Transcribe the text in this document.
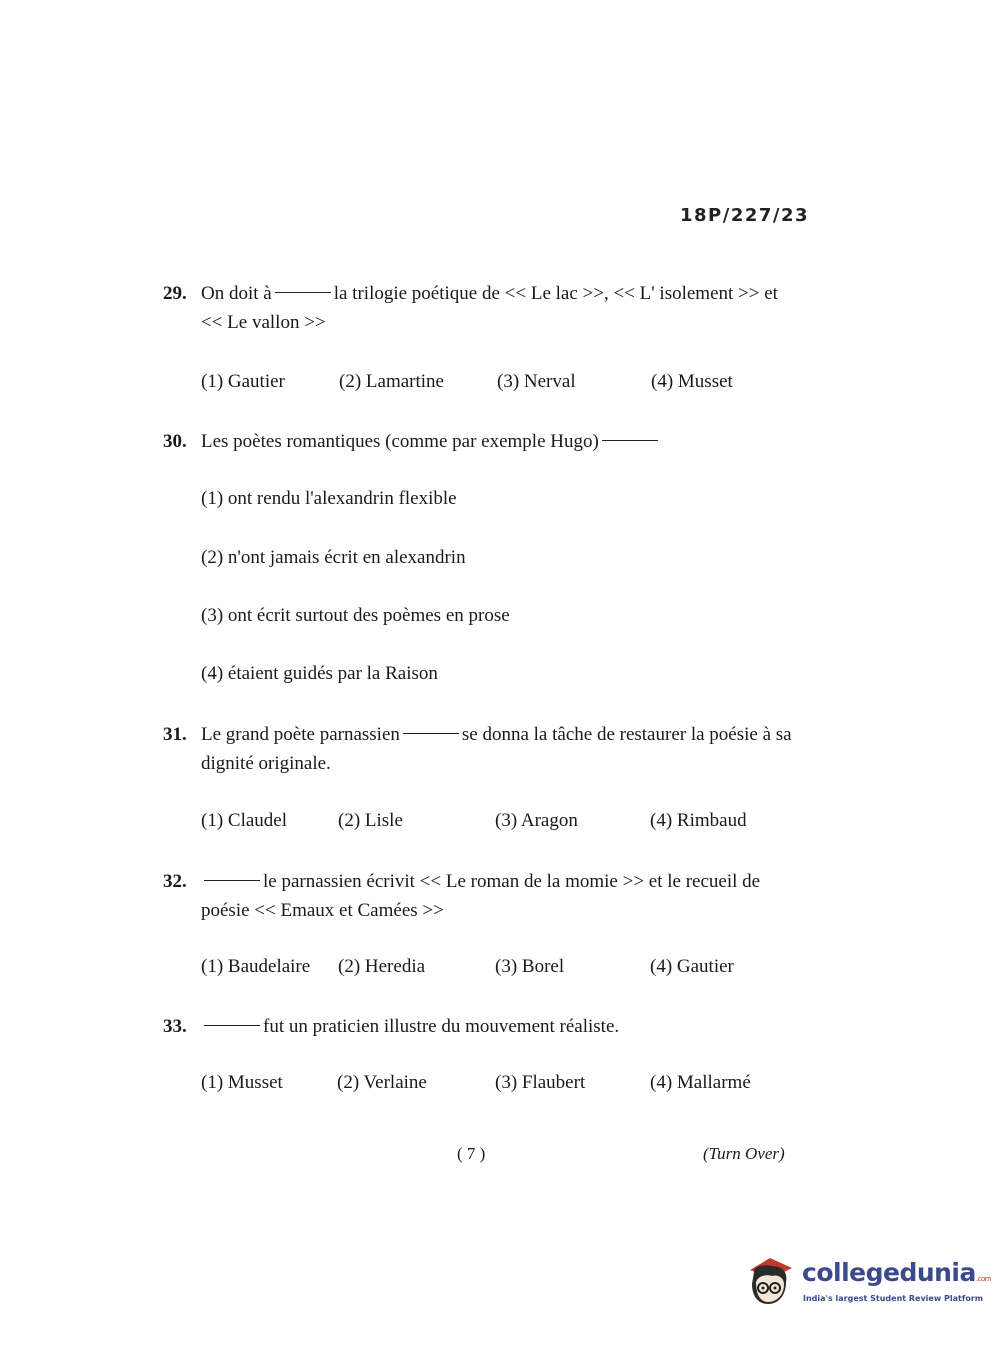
18P/227/23
29. On doit à	la trilogie poétique de << Le lac >>, << L' isolement >> et << Le vallon >>
(1) Gautier	(2) Lamartine	(3) Nerval	(4) Musset
30. Les poètes romantiques (comme par exemple Hugo)
(1) ont rendu l'alexandrin flexible
(2) n'ont jamais écrit en alexandrin
(3) ont écrit surtout des poèmes en prose
(4) étaient guidés par la Raison
31. Le grand poète parnassien	se donna la tâche de restaurer la poésie à sa dignité originale.
(1) Claudel	(2) Lisle	(3) Aragon	(4) Rimbaud
32.	le parnassien écrivit << Le roman de la momie >> et le recueil de poésie << Emaux et Camées >>
(1) Baudelaire (2) Heredia	(3) Borel	(4) Gautier
33.	fut un praticien illustre du mouvement réaliste.
(1) Musset	(2) Verlaine	(3) Flaubert	(4) Mallarmé
( 7 )	(Turn Over)
collegedunia.com
India's largest Student Review Platform
